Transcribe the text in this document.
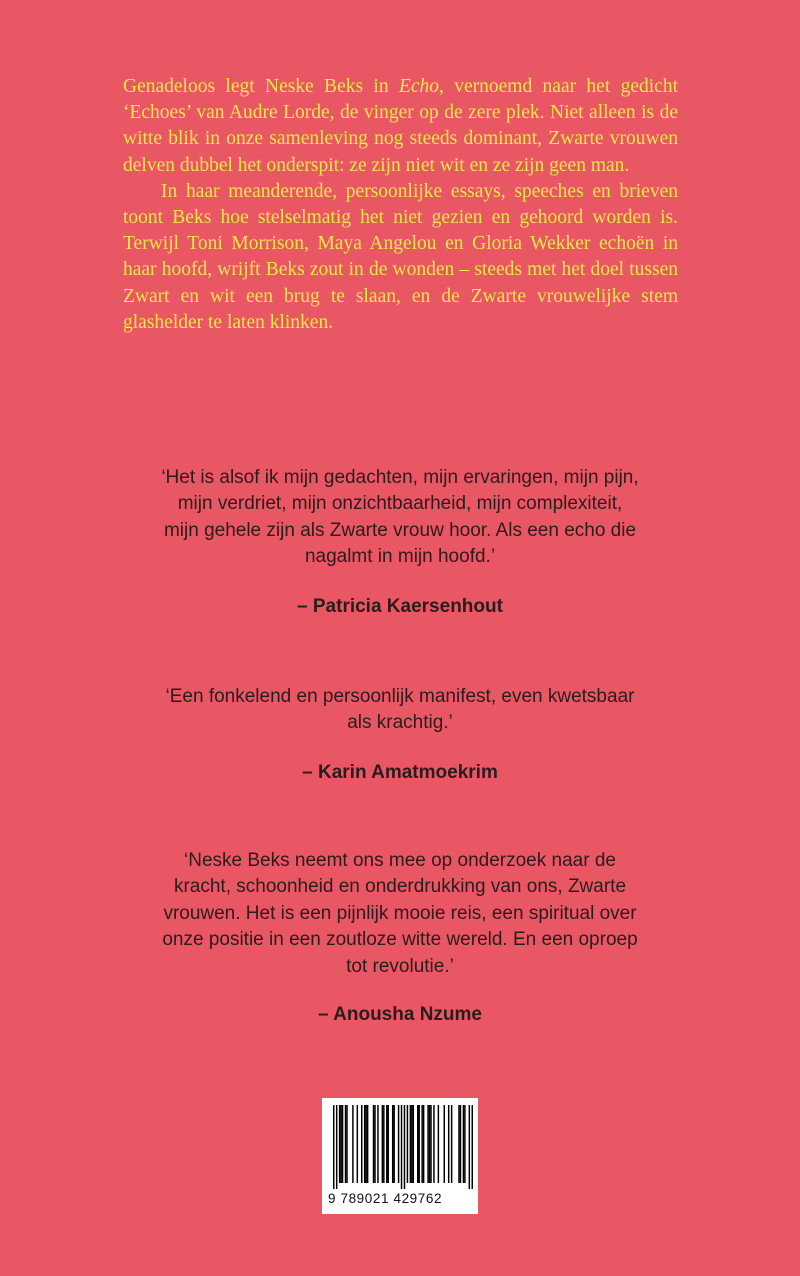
Genadeloos legt Neske Beks in Echo, vernoemd naar het gedicht ‘Echoes’ van Audre Lorde, de vinger op de zere plek. Niet alleen is de witte blik in onze samenleving nog steeds dominant, Zwarte vrouwen delven dubbel het onderspit: ze zijn niet wit en ze zijn geen man.

In haar meanderende, persoonlijke essays, speeches en brieven toont Beks hoe stelselmatig het niet gezien en gehoord worden is. Terwijl Toni Morrison, Maya Angelou en Gloria Wekker echoën in haar hoofd, wrijft Beks zout in de wonden – steeds met het doel tussen Zwart en wit een brug te slaan, en de Zwarte vrouwelijke stem glashelder te laten klinken.

‘Het is alsof ik mijn gedachten, mijn ervaringen, mijn pijn,
mijn verdriet, mijn onzichtbaarheid, mijn complexiteit,
mijn gehele zijn als Zwarte vrouw hoor. Als een echo die
nagalmt in mijn hoofd.’

– Patricia Kaersenhout

‘Een fonkelend en persoonlijk manifest, even kwetsbaar
als krachtig.’

– Karin Amatmoekrim

‘Neske Beks neemt ons mee op onderzoek naar de
kracht, schoonheid en onderdrukking van ons, Zwarte
vrouwen. Het is een pijnlijk mooie reis, een spiritual over
onze positie in een zoutloze witte wereld. En een oproep
tot revolutie.’

– Anousha Nzume

9 789021 429762
